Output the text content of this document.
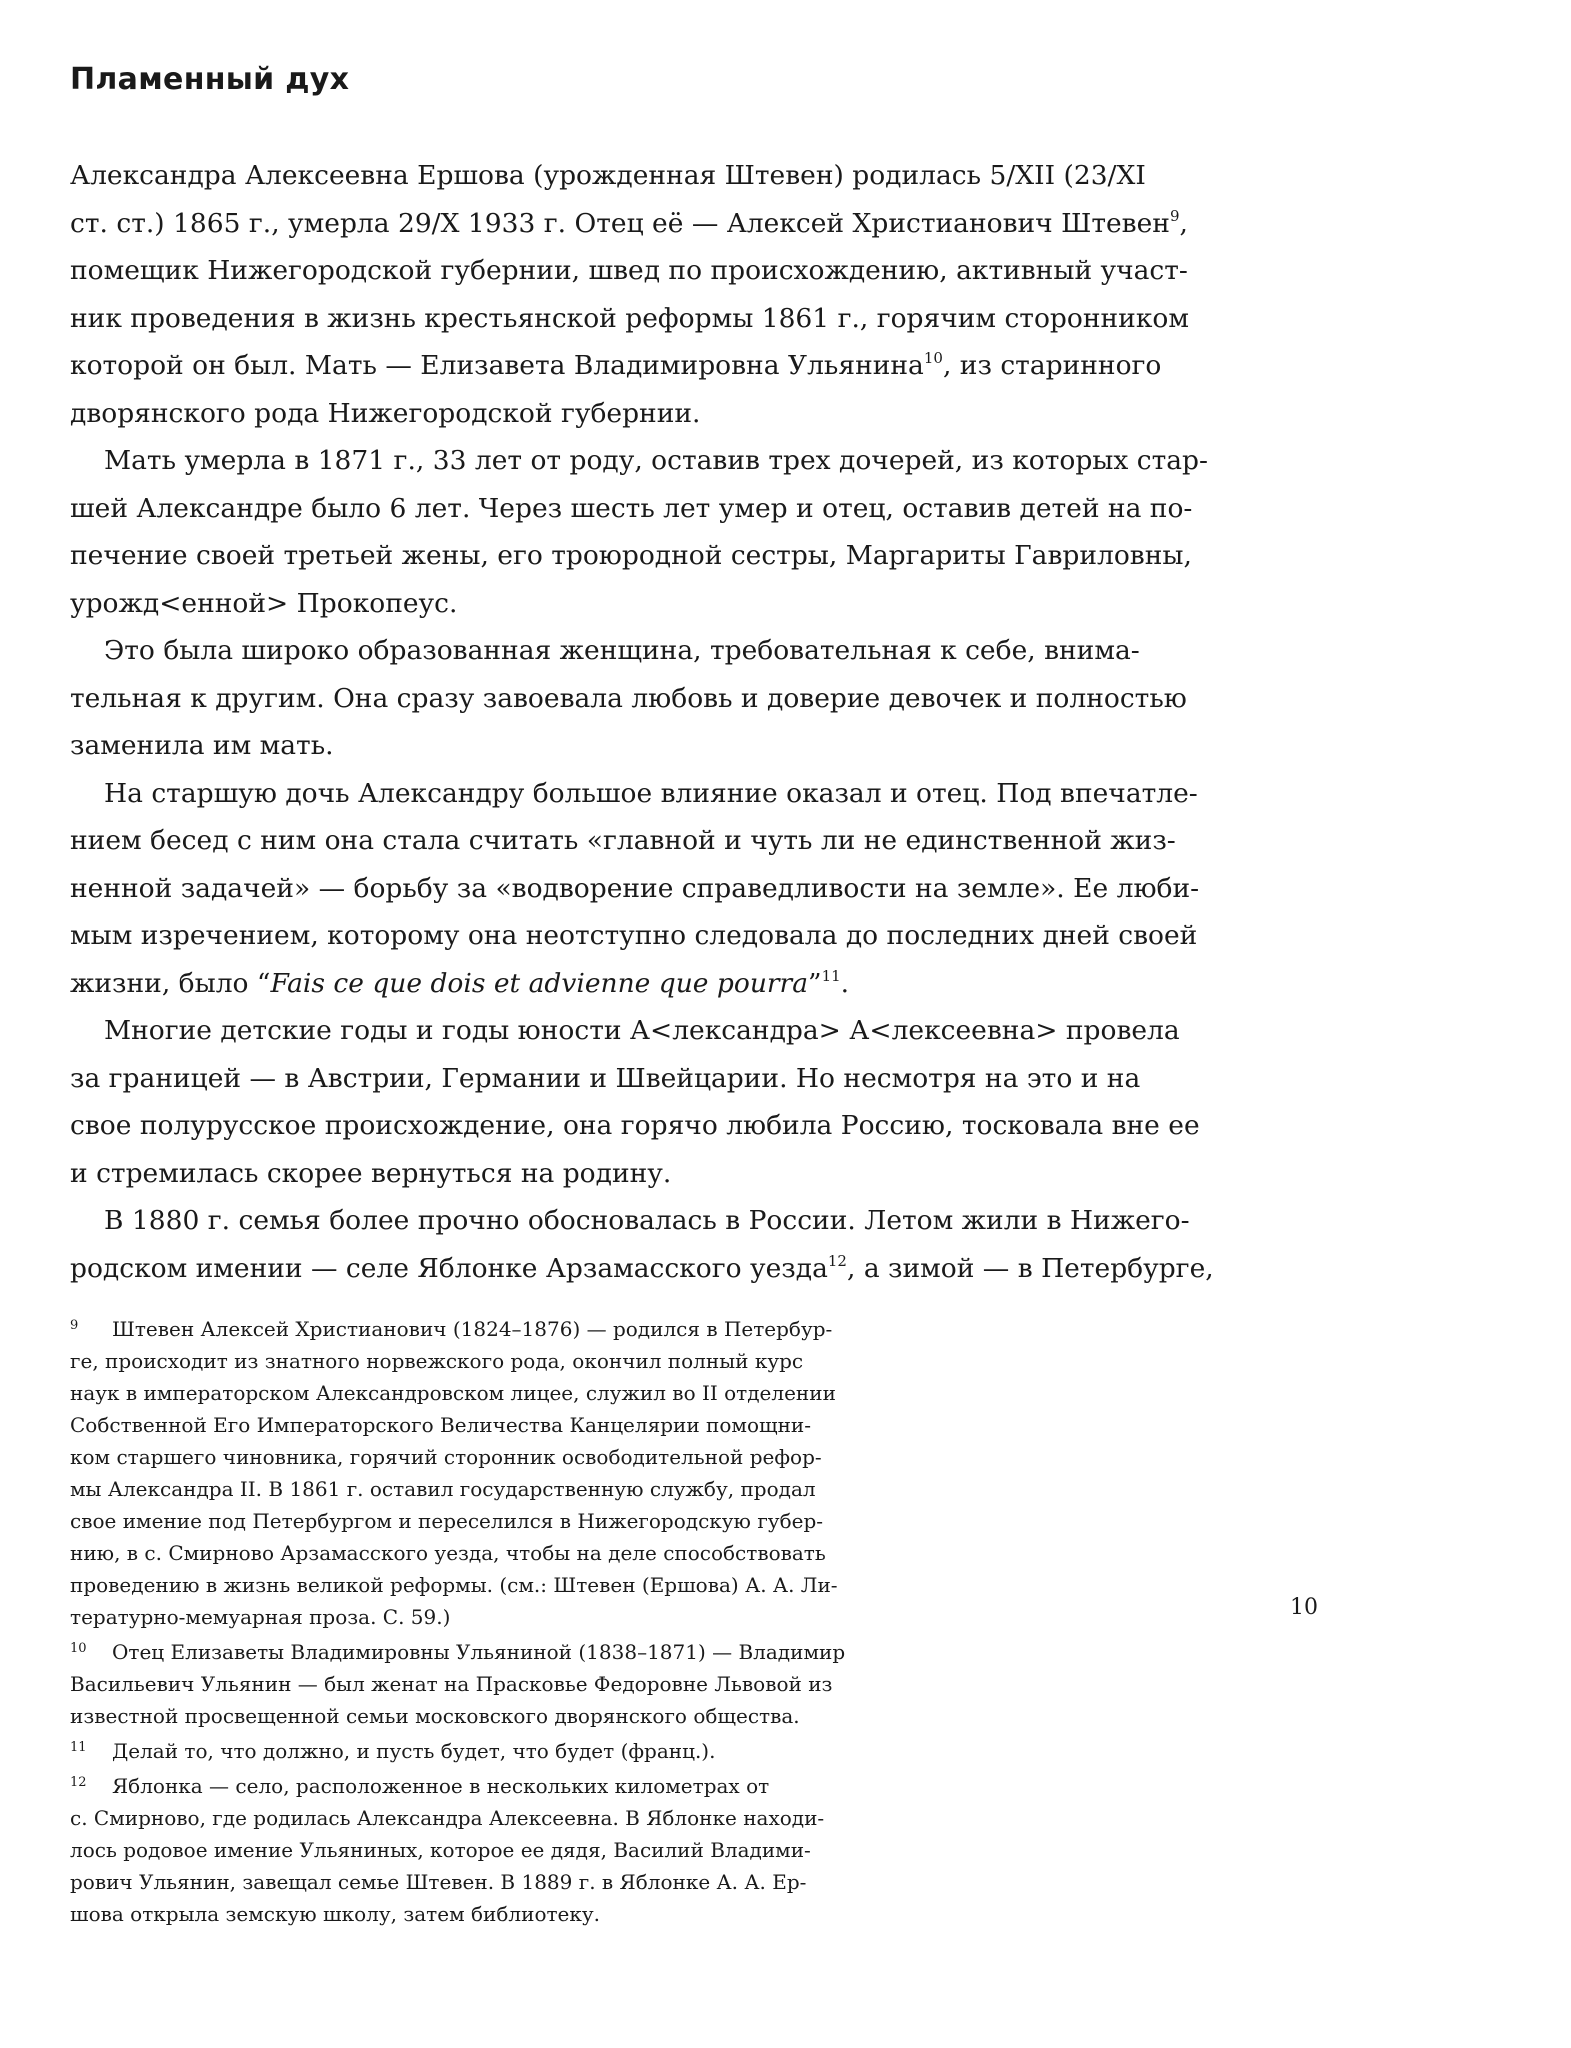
Пламенный дух
Александра Алексеевна Ершова (урожденная Штевен) родилась 5/XII (23/XI
ст. ст.) 1865 г., умерла 29/X 1933 г. Отец её — Алексей Христианович Штевен$^9$,
помещик Нижегородской губернии, швед по происхождению, активный участ-
ник проведения в жизнь крестьянской реформы 1861 г., горячим сторонником
которой он был. Мать — Елизавета Владимировна Ульянина$^{10}$, из старинного
дворянского рода Нижегородской губернии.
Мать умерла в 1871 г., 33 лет от роду, оставив трех дочерей, из которых стар-
шей Александре было 6 лет. Через шесть лет умер и отец, оставив детей на по-
печение своей третьей жены, его троюродной сестры, Маргариты Гавриловны,
урожд<енной> Прокопеус.
Это была широко образованная женщина, требовательная к себе, внима-
тельная к другим. Она сразу завоевала любовь и доверие девочек и полностью
заменила им мать.
На старшую дочь Александру большое влияние оказал и отец. Под впечатле-
нием бесед с ним она стала считать «главной и чуть ли не единственной жиз-
ненной задачей» — борьбу за «водворение справедливости на земле». Ее люби-
мым изречением, которому она неотступно следовала до последних дней своей
жизни, было “Fais ce que dois et advienne que pourra”$^{11}$.
Многие детские годы и годы юности А<лександра> А<лексеевна> провела
за границей — в Австрии, Германии и Швейцарии. Но несмотря на это и на
свое полурусское происхождение, она горячо любила Россию, тосковала вне ее
и стремилась скорее вернуться на родину.
В 1880 г. семья более прочно обосновалась в России. Летом жили в Нижего-
родском имении — селе Яблонке Арзамасского уезда$^{12}$, а зимой — в Петербурге,
9 Штевен Алексей Христианович (1824–1876) — родился в Петербур-
ге, происходит из знатного норвежского рода, окончил полный курс
наук в императорском Александровском лицее, служил во II отделении
Собственной Его Императорского Величества Канцелярии помощни-
ком старшего чиновника, горячий сторонник освободительной рефор-
мы Александра II. В 1861 г. оставил государственную службу, продал
свое имение под Петербургом и переселился в Нижегородскую губер-
нию, в с. Смирново Арзамасского уезда, чтобы на деле способствовать
проведению в жизнь великой реформы. (см.: Штевен (Ершова) А. А. Ли-
тературно-мемуарная проза. С. 59.)
10 Отец Елизаветы Владимировны Ульяниной (1838–1871) — Владимир
Васильевич Ульянин — был женат на Прасковье Федоровне Львовой из
известной просвещенной семьи московского дворянского общества.
11 Делай то, что должно, и пусть будет, что будет (франц.).
12 Яблонка — село, расположенное в нескольких километрах от
с. Смирново, где родилась Александра Алексеевна. В Яблонке находи-
лось родовое имение Ульяниных, которое ее дядя, Василий Владими-
рович Ульянин, завещал семье Штевен. В 1889 г. в Яблонке А. А. Ер-
шова открыла земскую школу, затем библиотеку.
10
